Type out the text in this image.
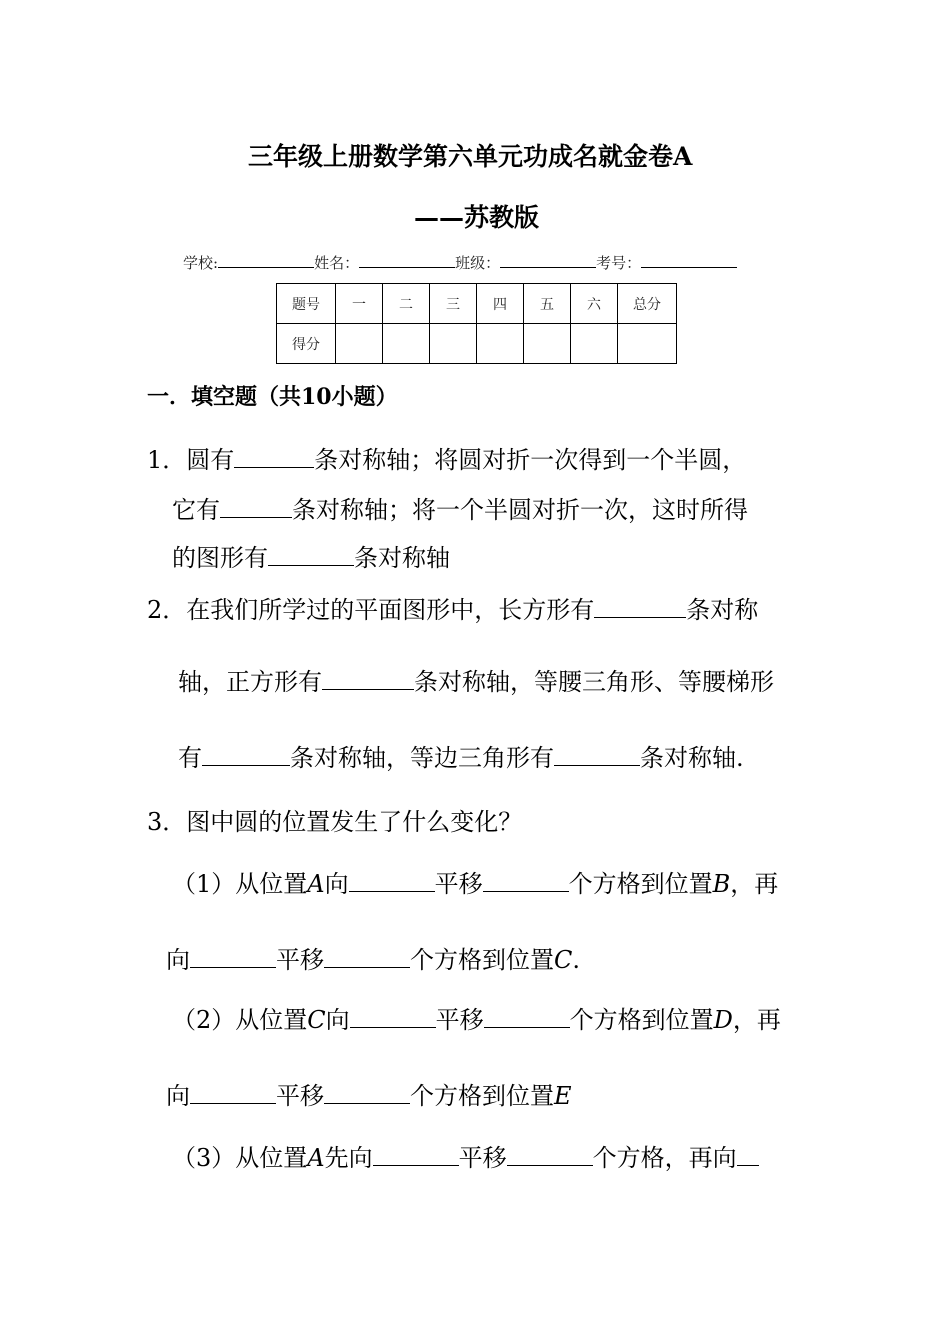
三年级上册数学第六单元功成名就金卷A
——苏教版
学校:	姓名：	班级：	考号：
题号	一	二	三	四	五	六	总分
得分							
一．填空题（共10小题）
1．圆有	条对称轴；将圆对折一次得到一个半圆，
它有	条对称轴；将一个半圆对折一次，这时所得
的图形有	条对称轴
2．在我们所学过的平面图形中，长方形有	条对称
轴，正方形有	条对称轴，等腰三角形、等腰梯形
有	条对称轴，等边三角形有	条对称轴.
3．图中圆的位置发生了什么变化？
（1）从位置A向	平移	个方格到位置B，再
向	平移	个方格到位置C.
（2）从位置C向	平移	个方格到位置D，再
向	平移	个方格到位置E
（3）从位置A先向	平移	个方格，再向
